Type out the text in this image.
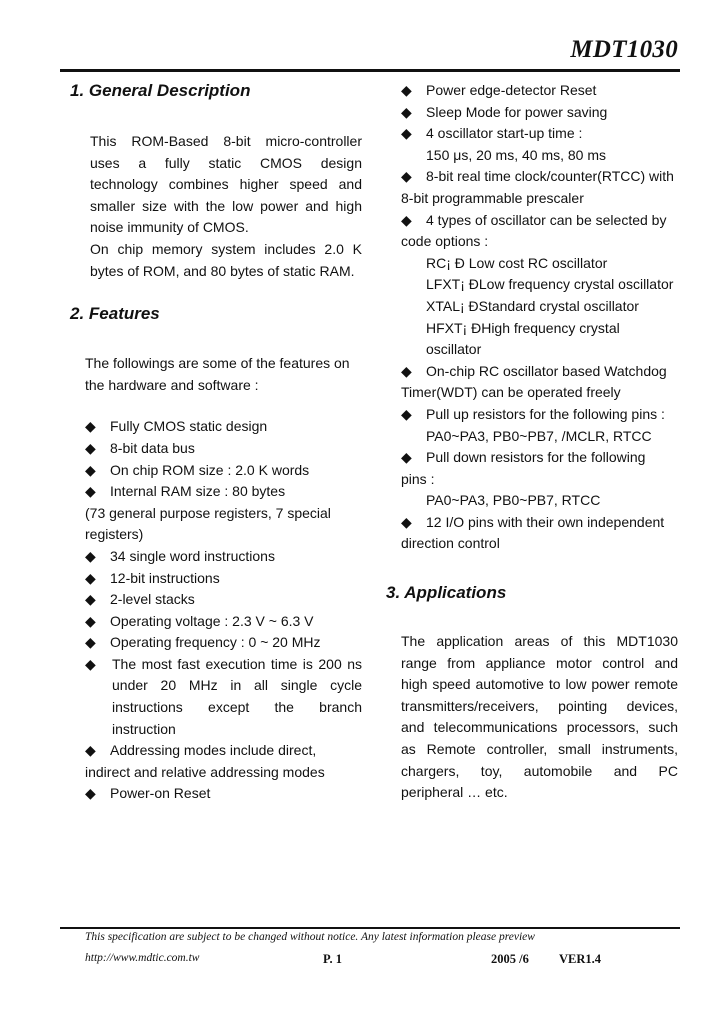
MDT1030
1. General Description
This ROM-Based 8-bit micro-controller
uses a fully static CMOS design
technology combines higher speed and
smaller size with the low power and high
noise immunity of CMOS.
On chip memory system includes 2.0 K
bytes of ROM, and 80 bytes of static RAM.
2. Features
The followings are some of the features on
the hardware and software :
◆ Fully CMOS static design
◆ 8-bit data bus
◆ On chip ROM size : 2.0 K words
◆ Internal RAM size : 80 bytes
(73 general purpose registers, 7 special
registers)
◆ 34 single word instructions
◆ 12-bit instructions
◆ 2-level stacks
◆ Operating voltage : 2.3 V ~ 6.3 V
◆ Operating frequency : 0 ~ 20 MHz
◆ The most fast execution time is 200 ns
under 20 MHz in all single cycle
instructions except the branch
instruction
◆ Addressing modes include direct,
indirect and relative addressing modes
◆ Power-on Reset
◆ Power edge-detector Reset
◆ Sleep Mode for power saving
◆ 4 oscillator start-up time :
150 μs, 20 ms, 40 ms, 80 ms
◆ 8-bit real time clock/counter(RTCC) with
8-bit programmable prescaler
◆ 4 types of oscillator can be selected by
code options :
RC¡ Ð Low cost RC oscillator
LFXT¡ ÐLow frequency crystal oscillator
XTAL¡ ÐStandard crystal oscillator
HFXT¡ ÐHigh frequency crystal oscillator
◆ On-chip RC oscillator based Watchdog
Timer(WDT) can be operated freely
◆ Pull up resistors for the following pins :
PA0~PA3, PB0~PB7, /MCLR, RTCC
◆ Pull down resistors for the following
pins :
PA0~PA3, PB0~PB7, RTCC
◆ 12 I/O pins with their own independent
direction control
3. Applications
The application areas of this MDT1030
range from appliance motor control and
high speed automotive to low power remote
transmitters/receivers, pointing devices,
and telecommunications processors, such
as Remote controller, small instruments,
chargers, toy, automobile and PC
peripheral … etc.
This specification are subject to be changed without notice. Any latest information please preview
http://www.mdtic.com.tw	P. 1	2005 /6 VER1.4
